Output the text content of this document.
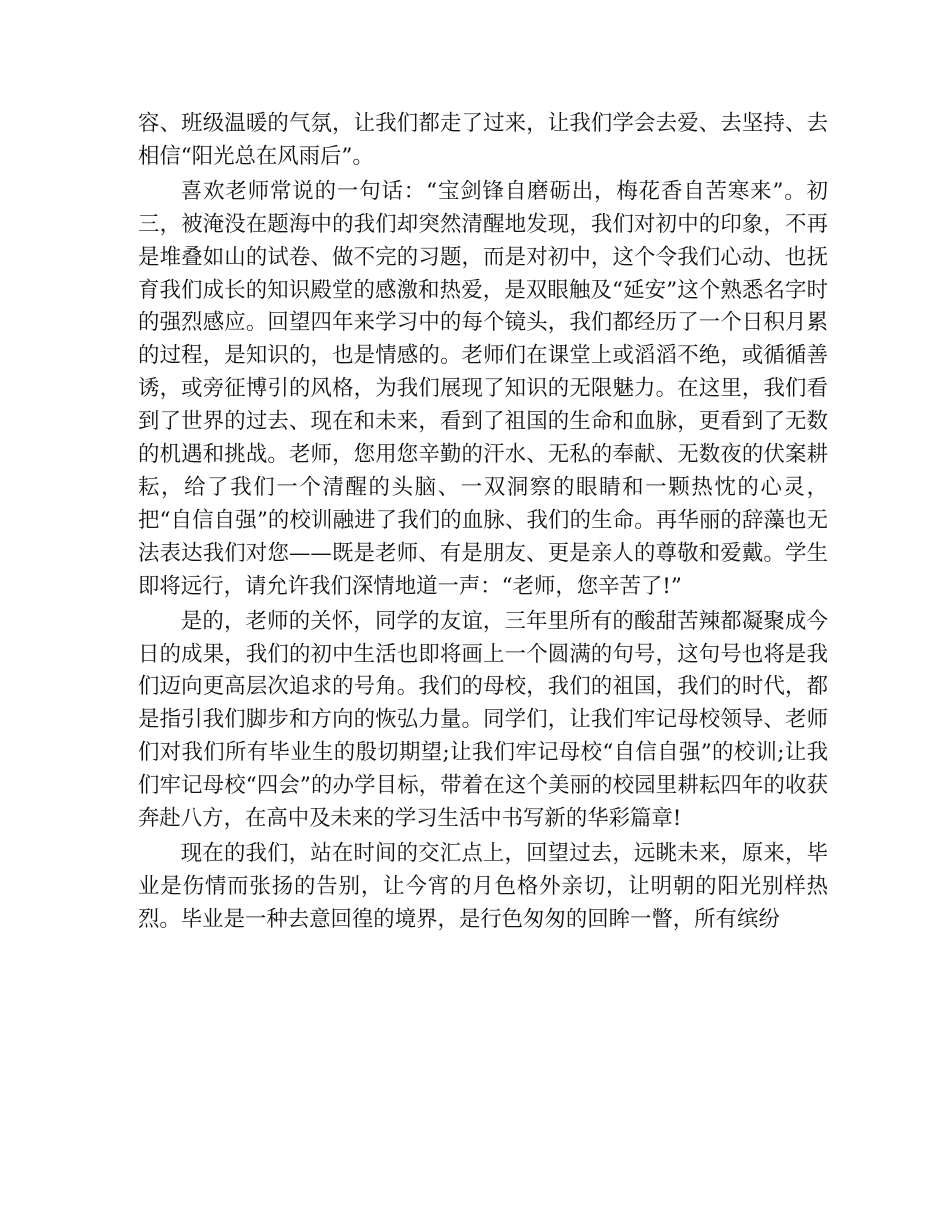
容、班级温暖的气氛，让我们都走了过来，让我们学会去爱、去坚持、去相信“阳光总在风雨后”。

喜欢老师常说的一句话：“宝剑锋自磨砺出，梅花香自苦寒来”。初三，被淹没在题海中的我们却突然清醒地发现，我们对初中的印象，不再是堆叠如山的试卷、做不完的习题，而是对初中，这个令我们心动、也抚育我们成长的知识殿堂的感激和热爱，是双眼触及“延安”这个熟悉名字时的强烈感应。回望四年来学习中的每个镜头，我们都经历了一个日积月累的过程，是知识的，也是情感的。老师们在课堂上或滔滔不绝，或循循善诱，或旁征博引的风格，为我们展现了知识的无限魅力。在这里，我们看到了世界的过去、现在和未来，看到了祖国的生命和血脉，更看到了无数的机遇和挑战。老师，您用您辛勤的汗水、无私的奉献、无数夜的伏案耕耘，给了我们一个清醒的头脑、一双洞察的眼睛和一颗热忱的心灵，把“自信自强”的校训融进了我们的血脉、我们的生命。再华丽的辞藻也无法表达我们对您——既是老师、有是朋友、更是亲人的尊敬和爱戴。学生即将远行，请允许我们深情地道一声：“老师，您辛苦了!”

是的，老师的关怀，同学的友谊，三年里所有的酸甜苦辣都凝聚成今日的成果，我们的初中生活也即将画上一个圆满的句号，这句号也将是我们迈向更高层次追求的号角。我们的母校，我们的祖国，我们的时代，都是指引我们脚步和方向的恢弘力量。同学们，让我们牢记母校领导、老师们对我们所有毕业生的殷切期望;让我们牢记母校“自信自强”的校训;让我们牢记母校“四会”的办学目标，带着在这个美丽的校园里耕耘四年的收获奔赴八方，在高中及未来的学习生活中书写新的华彩篇章!

现在的我们，站在时间的交汇点上，回望过去，远眺未来，原来，毕业是伤情而张扬的告别，让今宵的月色格外亲切，让明朝的阳光别样热烈。毕业是一种去意回徨的境界，是行色匆匆的回眸一瞥，所有缤纷
